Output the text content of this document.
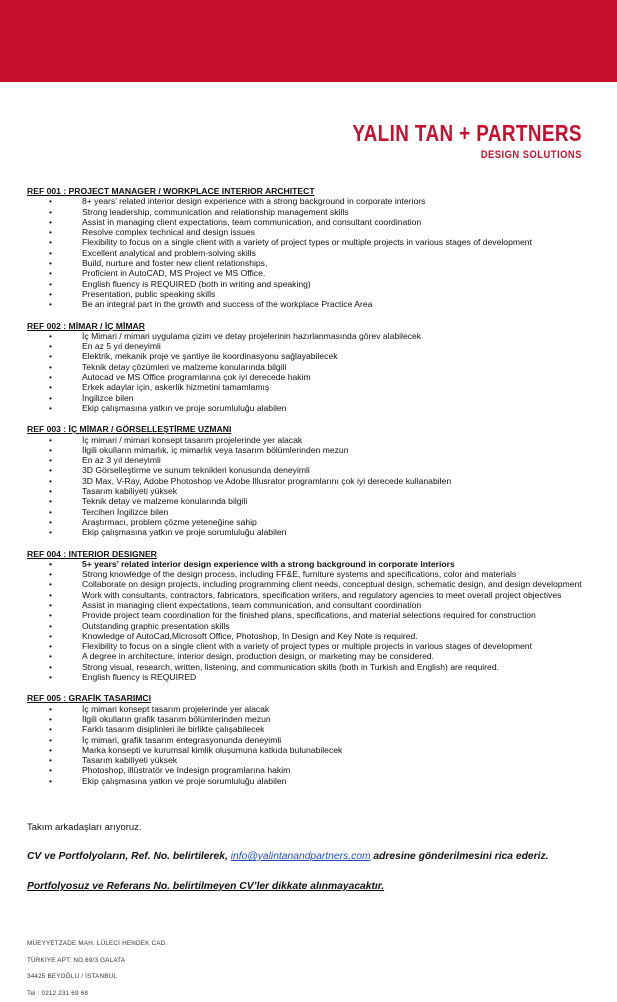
YALIN TAN + PARTNERS
DESIGN SOLUTIONS
REF 001 : PROJECT MANAGER / WORKPLACE INTERIOR ARCHITECT
• 8+ years’ related interior design experience with a strong background in corporate interiors
• Strong leadership, communication and relationship management skills
• Assist in managing client expectations, team communication, and consultant coordination
• Resolve complex technical and design issues
• Flexibility to focus on a single client with a variety of project types or multiple projects in various stages of development
• Excellent analytical and problem-solving skills
• Build, nurture and foster new client relationships,
• Proficient in AutoCAD, MS Project ve MS Office.
• English fluency is REQUIRED (both in writing and speaking)
• Presentation, public speaking skills
• Be an integral part in the growth and success of the workplace Practice Area
REF 002 : MİMAR / İÇ MİMAR
• İç Mimari / mimari uygulama çizim ve detay projelerinin hazırlanmasında görev alabilecek
• En az 5 yıl deneyimli
• Elektrik, mekanik proje ve şantiye ile koordinasyonu sağlayabilecek
• Teknik detay çözümleri ve malzeme konularında bilgili
• Autocad ve MS Office programlarına çok iyi derecede hakim
• Erkek adaylar için, askerlik hizmetini tamamlamış
• İngilizce bilen
• Ekip çalışmasına yatkın ve proje sorumluluğu alabilen
REF 003 : İÇ MİMAR / GÖRSELLEŞTİRME UZMANI
• İç mimari / mimari konsept tasarım projelerinde yer alacak
• İlgili okulların mimarlık, iç mimarlık veya tasarım bölümlerinden mezun
• En az 3 yıl deneyimli
• 3D Görselleştirme ve sunum teknikleri konusunda deneyimli
• 3D Max, V-Ray, Adobe Photoshop ve Adobe Illusrator programlarını çok iyi derecede kullanabilen
• Tasarım kabiliyeti yüksek
• Teknik detay ve malzeme konularında bilgili
• Tercihen İngilizce bilen
• Araştırmacı, problem çözme yeteneğine sahip
• Ekip çalışmasına yatkın ve proje sorumluluğu alabilen
REF 004 : INTERIOR DESIGNER
• 5+ years’ related interior design experience with a strong background in corporate interiors
• Strong knowledge of the design process, including FF&E, furniture systems and specifications, color and materials
• Collaborate on design projects, including programming client needs, conceptual design, schematic design, and design development
• Work with consultants, contractors, fabricators, specification writers, and regulatory agencies to meet overall project objectives
• Assist in managing client expectations, team communication, and consultant coordination
• Provide project team coordination for the finished plans, specifications, and material selections required for construction
• Outstanding graphic presentation skills
• Knowledge of AutoCad,Microsoft Office, Photoshop, In Design and Key Note is required.
• Flexibility to focus on a single client with a variety of project types or multiple projects in various stages of development
• A degree in architecture, interior design, production design, or marketing may be considered.
• Strong visual, research, written, listening, and communication skills (both in Turkish and English) are required.
• English fluency is REQUIRED
REF 005 : GRAFİK TASARIMCI
• İç mimari konsept tasarım projelerinde yer alacak
• İlgili okulların grafik tasarım bölümlerinden mezun
• Farklı tasarım disiplinleri ile birlikte çalışabilecek
• İç mimari, grafik tasarım entegrasyonunda deneyimli
• Marka konsepti ve kurumsal kimlik oluşumuna katkıda bulunabilecek
• Tasarım kabiliyeti yüksek
• Photoshop, illüstratör ve Indesign programlarına hakim
• Ekip çalışmasına yatkın ve proje sorumluluğu alabilen
Takım arkadaşları arıyoruz.
CV ve Portfolyoların, Ref. No. belirtilerek, info@yalintanandpartners.com adresine gönderilmesini rica ederiz.
Portfolyosuz ve Referans No. belirtilmeyen CV’ler dikkate alınmayacaktır.
MÜEYYETZADE MAH. LÜLECİ HENDEK CAD.
TÜRKİYE APT. NO.69/3 GALATA
34425 BEYOĞLU / İSTANBUL
Tel : 0212.231 69 68
